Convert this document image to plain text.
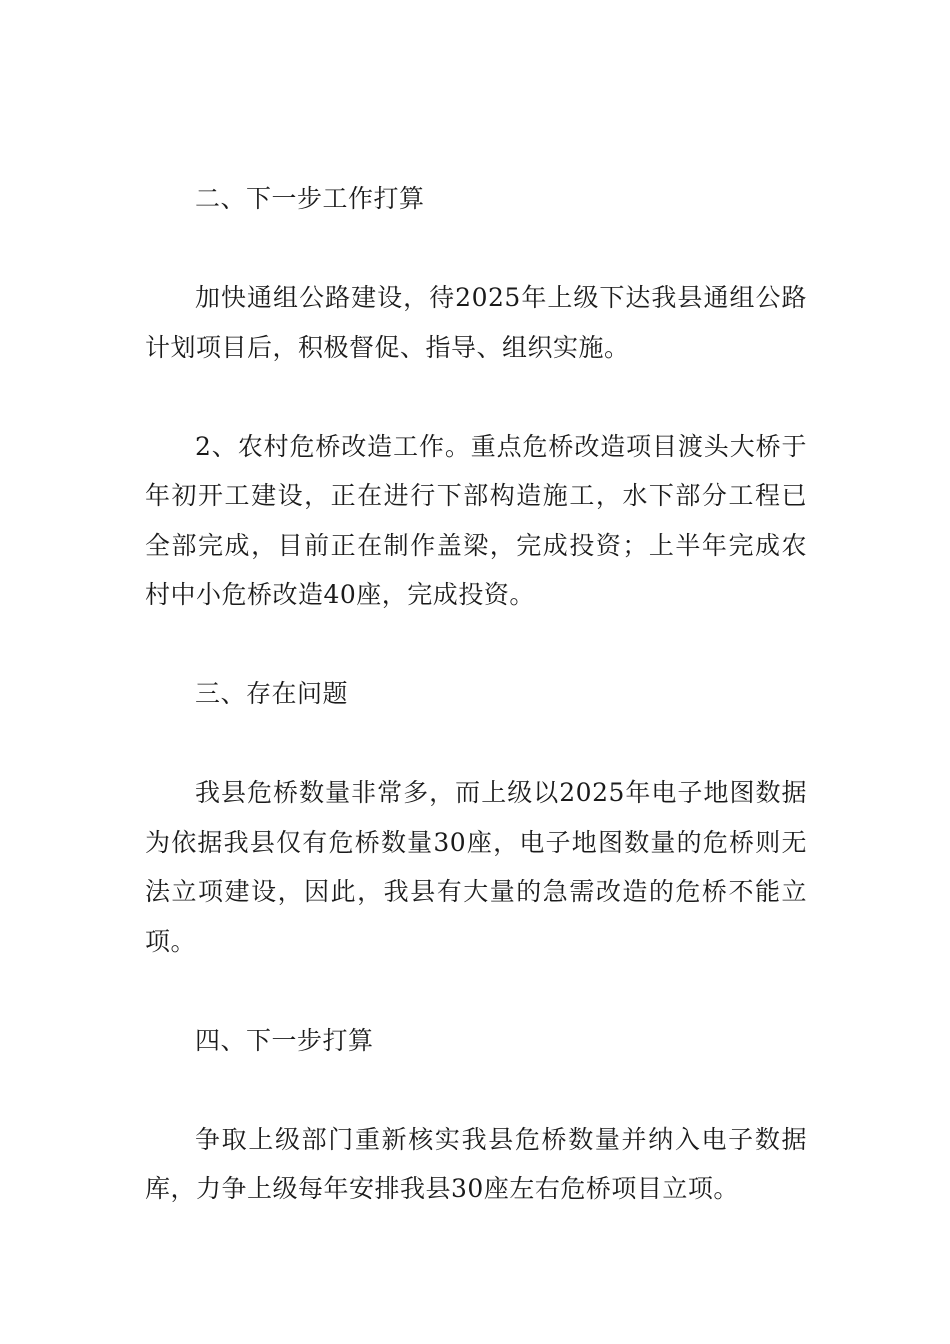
二、下一步工作打算

加快通组公路建设，待2025年上级下达我县通组公路计划项目后，积极督促、指导、组织实施。

2、农村危桥改造工作。重点危桥改造项目渡头大桥于年初开工建设，正在进行下部构造施工，水下部分工程已全部完成，目前正在制作盖梁，完成投资；上半年完成农村中小危桥改造40座，完成投资。

三、存在问题

我县危桥数量非常多，而上级以2025年电子地图数据为依据我县仅有危桥数量30座，电子地图数量的危桥则无法立项建设，因此，我县有大量的急需改造的危桥不能立项。

四、下一步打算

争取上级部门重新核实我县危桥数量并纳入电子数据库，力争上级每年安排我县30座左右危桥项目立项。
